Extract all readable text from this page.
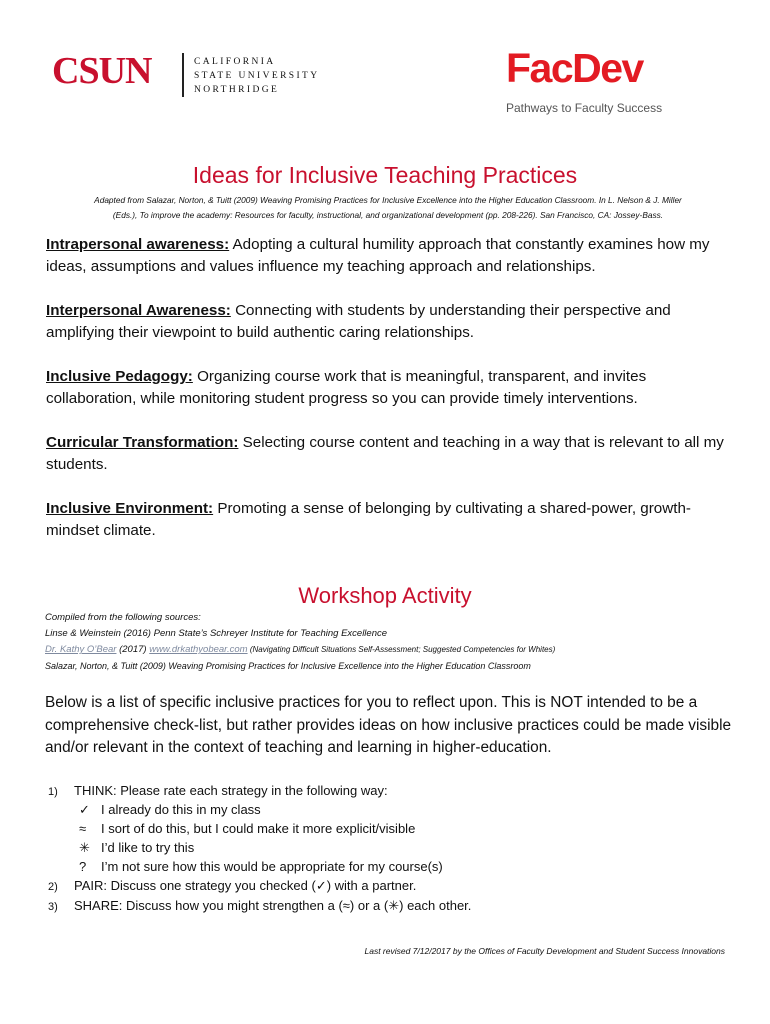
CSUN	CALIFORNIA
STATE UNIVERSITY
NORTHRIDGE	FacDev
Pathways to Faculty Success
Ideas for Inclusive Teaching Practices
Adapted from Salazar, Norton, & Tuitt (2009) Weaving Promising Practices for Inclusive Excellence into the Higher Education Classroom. In L. Nelson & J. Miller
(Eds.), To improve the academy: Resources for faculty, instructional, and organizational development (pp. 208-226). San Francisco, CA: Jossey-Bass.
Intrapersonal awareness: Adopting a cultural humility approach that constantly examines how my ideas, assumptions and values influence my teaching approach and relationships.
Interpersonal Awareness: Connecting with students by understanding their perspective and amplifying their viewpoint to build authentic caring relationships.
Inclusive Pedagogy: Organizing course work that is meaningful, transparent, and invites collaboration, while monitoring student progress so you can provide timely interventions.
Curricular Transformation: Selecting course content and teaching in a way that is relevant to all my students.
Inclusive Environment: Promoting a sense of belonging by cultivating a shared-power, growth-mindset climate.
Workshop Activity
Compiled from the following sources:
Linse & Weinstein (2016) Penn State’s Schreyer Institute for Teaching Excellence
Dr. Kathy O’Bear (2017) www.drkathyobear.com (Navigating Difficult Situations Self-Assessment; Suggested Competencies for Whites)
Salazar, Norton, & Tuitt (2009) Weaving Promising Practices for Inclusive Excellence into the Higher Education Classroom
Below is a list of specific inclusive practices for you to reflect upon. This is NOT intended to be a comprehensive check-list, but rather provides ideas on how inclusive practices could be made visible and/or relevant in the context of teaching and learning in higher-education.
1) THINK: Please rate each strategy in the following way:
✓ I already do this in my class
≈ I sort of do this, but I could make it more explicit/visible
✳ I’d like to try this
? I’m not sure how this would be appropriate for my course(s)
2) PAIR: Discuss one strategy you checked (✓) with a partner.
3) SHARE: Discuss how you might strengthen a (≈) or a (✳) each other.
Last revised 7/12/2017 by the Offices of Faculty Development and Student Success Innovations
